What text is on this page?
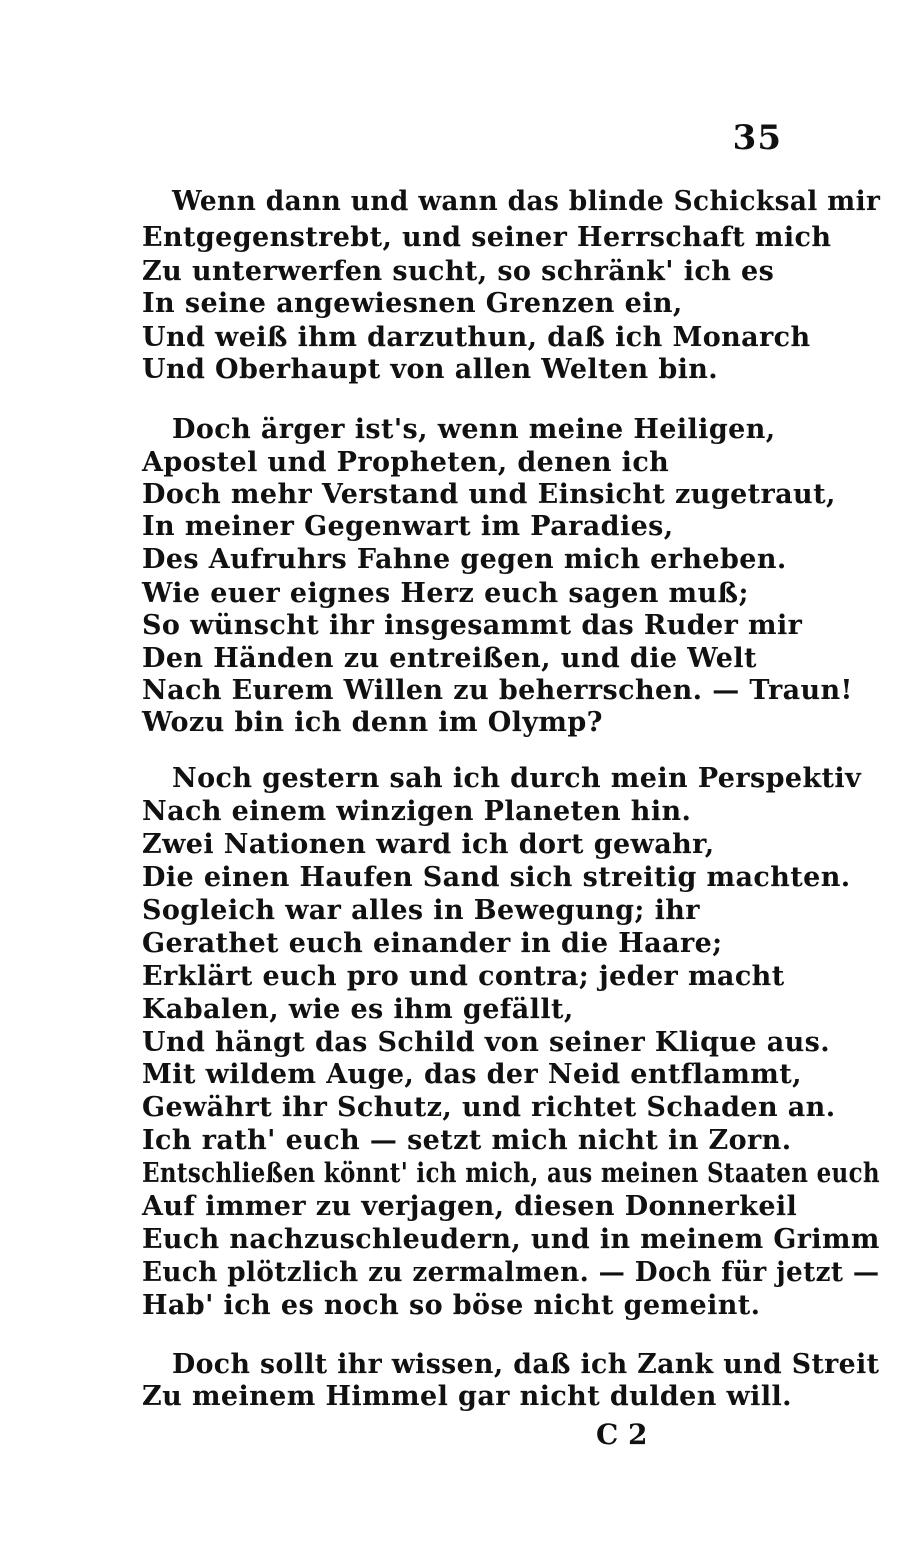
35
Wenn dann und wann das blinde Schicksal mir
Entgegenstrebt, und seiner Herrschaft mich
Zu unterwerfen sucht, so schränk' ich es
In seine angewiesnen Grenzen ein,
Und weiß ihm darzuthun, daß ich Monarch
Und Oberhaupt von allen Welten bin.
Doch ärger ist's, wenn meine Heiligen,
Apostel und Propheten, denen ich
Doch mehr Verstand und Einsicht zugetraut,
In meiner Gegenwart im Paradies,
Des Aufruhrs Fahne gegen mich erheben.
Wie euer eignes Herz euch sagen muß;
So wünscht ihr insgesammt das Ruder mir
Den Händen zu entreißen, und die Welt
Nach Eurem Willen zu beherrschen. — Traun!
Wozu bin ich denn im Olymp?
Noch gestern sah ich durch mein Perspektiv
Nach einem winzigen Planeten hin.
Zwei Nationen ward ich dort gewahr,
Die einen Haufen Sand sich streitig machten.
Sogleich war alles in Bewegung; ihr
Gerathet euch einander in die Haare;
Erklärt euch pro und contra; jeder macht
Kabalen, wie es ihm gefällt,
Und hängt das Schild von seiner Klique aus.
Mit wildem Auge, das der Neid entflammt,
Gewährt ihr Schutz, und richtet Schaden an.
Ich rath' euch — setzt mich nicht in Zorn.
Entschließen könnt' ich mich, aus meinen Staaten euch
Auf immer zu verjagen, diesen Donnerkeil
Euch nachzuschleudern, und in meinem Grimm
Euch plötzlich zu zermalmen. — Doch für jetzt —
Hab' ich es noch so böse nicht gemeint.
Doch sollt ihr wissen, daß ich Zank und Streit
Zu meinem Himmel gar nicht dulden will.
C 2
